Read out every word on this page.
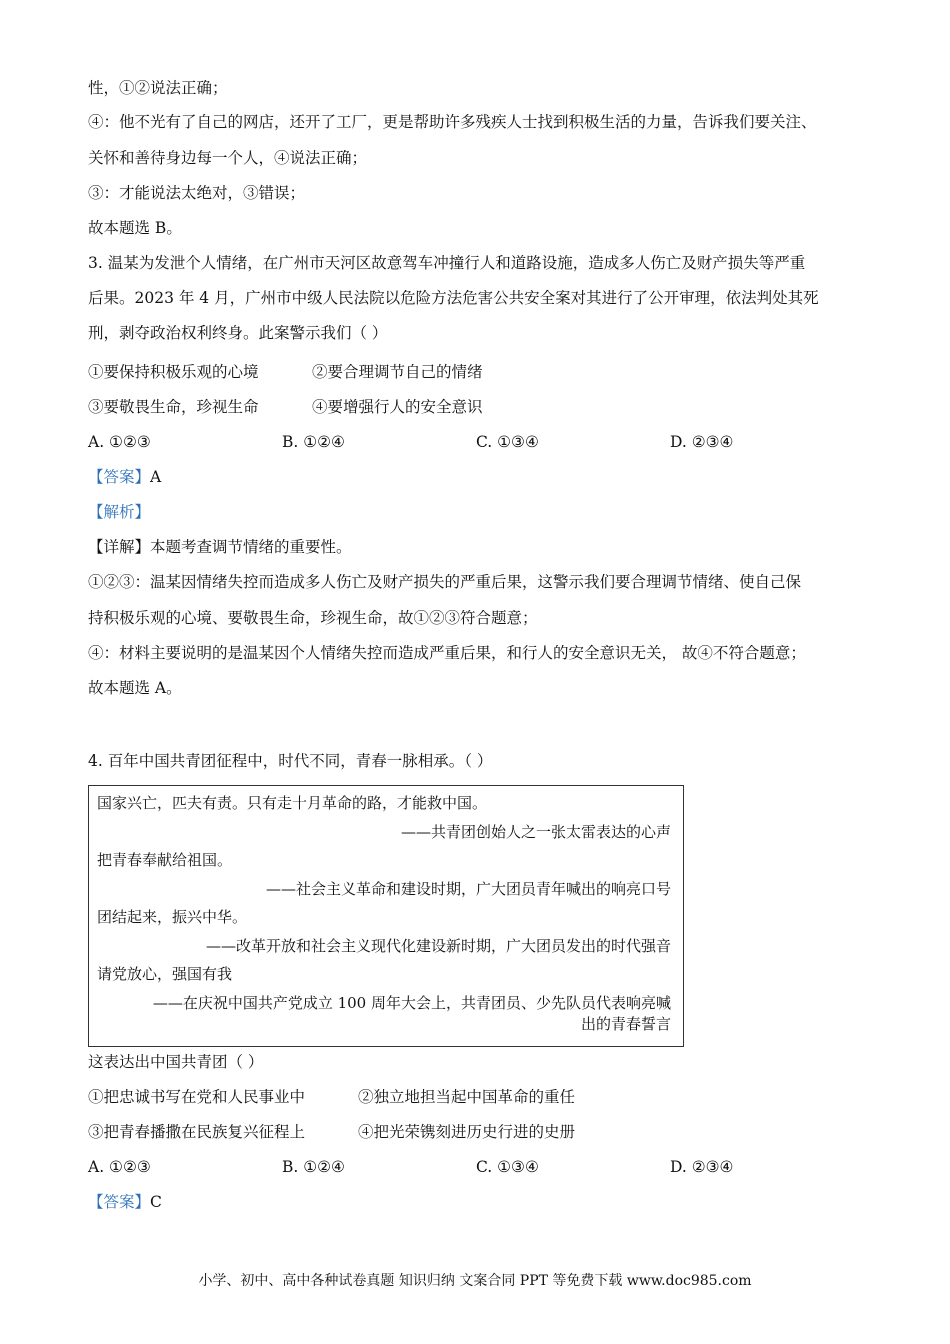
性，①②说法正确；
④：他不光有了自己的网店，还开了工厂，更是帮助许多残疾人士找到积极生活的力量，告诉我们要关注、
关怀和善待身边每一个人，④说法正确；
③：才能说法太绝对，③错误；
故本题选 B。
3. 温某为发泄个人情绪，在广州市天河区故意驾车冲撞行人和道路设施，造成多人伤亡及财产损失等严重
后果。2023 年 4 月，广州市中级人民法院以危险方法危害公共安全案对其进行了公开审理，依法判处其死
刑，剥夺政治权利终身。此案警示我们（ ）
①要保持积极乐观的心境	②要合理调节自己的情绪
③要敬畏生命，珍视生命	④要增强行人的安全意识
A. ①②③	B. ①②④	C. ①③④	D. ②③④
【答案】A
【解析】
【详解】本题考查调节情绪的重要性。
①②③：温某因情绪失控而造成多人伤亡及财产损失的严重后果，这警示我们要合理调节情绪、使自己保
持积极乐观的心境、要敬畏生命，珍视生命，故①②③符合题意；
④：材料主要说明的是温某因个人情绪失控而造成严重后果，和行人的安全意识无关， 故④不符合题意；
故本题选 A。
4. 百年中国共青团征程中，时代不同，青春一脉相承。（ ）
国家兴亡，匹夫有责。只有走十月革命的路，才能救中国。
——共青团创始人之一张太雷表达的心声
把青春奉献给祖国。
——社会主义革命和建设时期，广大团员青年喊出的响亮口号
团结起来，振兴中华。
——改革开放和社会主义现代化建设新时期，广大团员发出的时代强音
请党放心，强国有我
——在庆祝中国共产党成立 100 周年大会上，共青团员、少先队员代表响亮喊
出的青春誓言
这表达出中国共青团（ ）
①把忠诚书写在党和人民事业中	②独立地担当起中国革命的重任
③把青春播撒在民族复兴征程上	④把光荣镌刻进历史行进的史册
A. ①②③	B. ①②④	C. ①③④	D. ②③④
【答案】C
小学、初中、高中各种试卷真题 知识归纳 文案合同 PPT 等免费下载 www.doc985.com
